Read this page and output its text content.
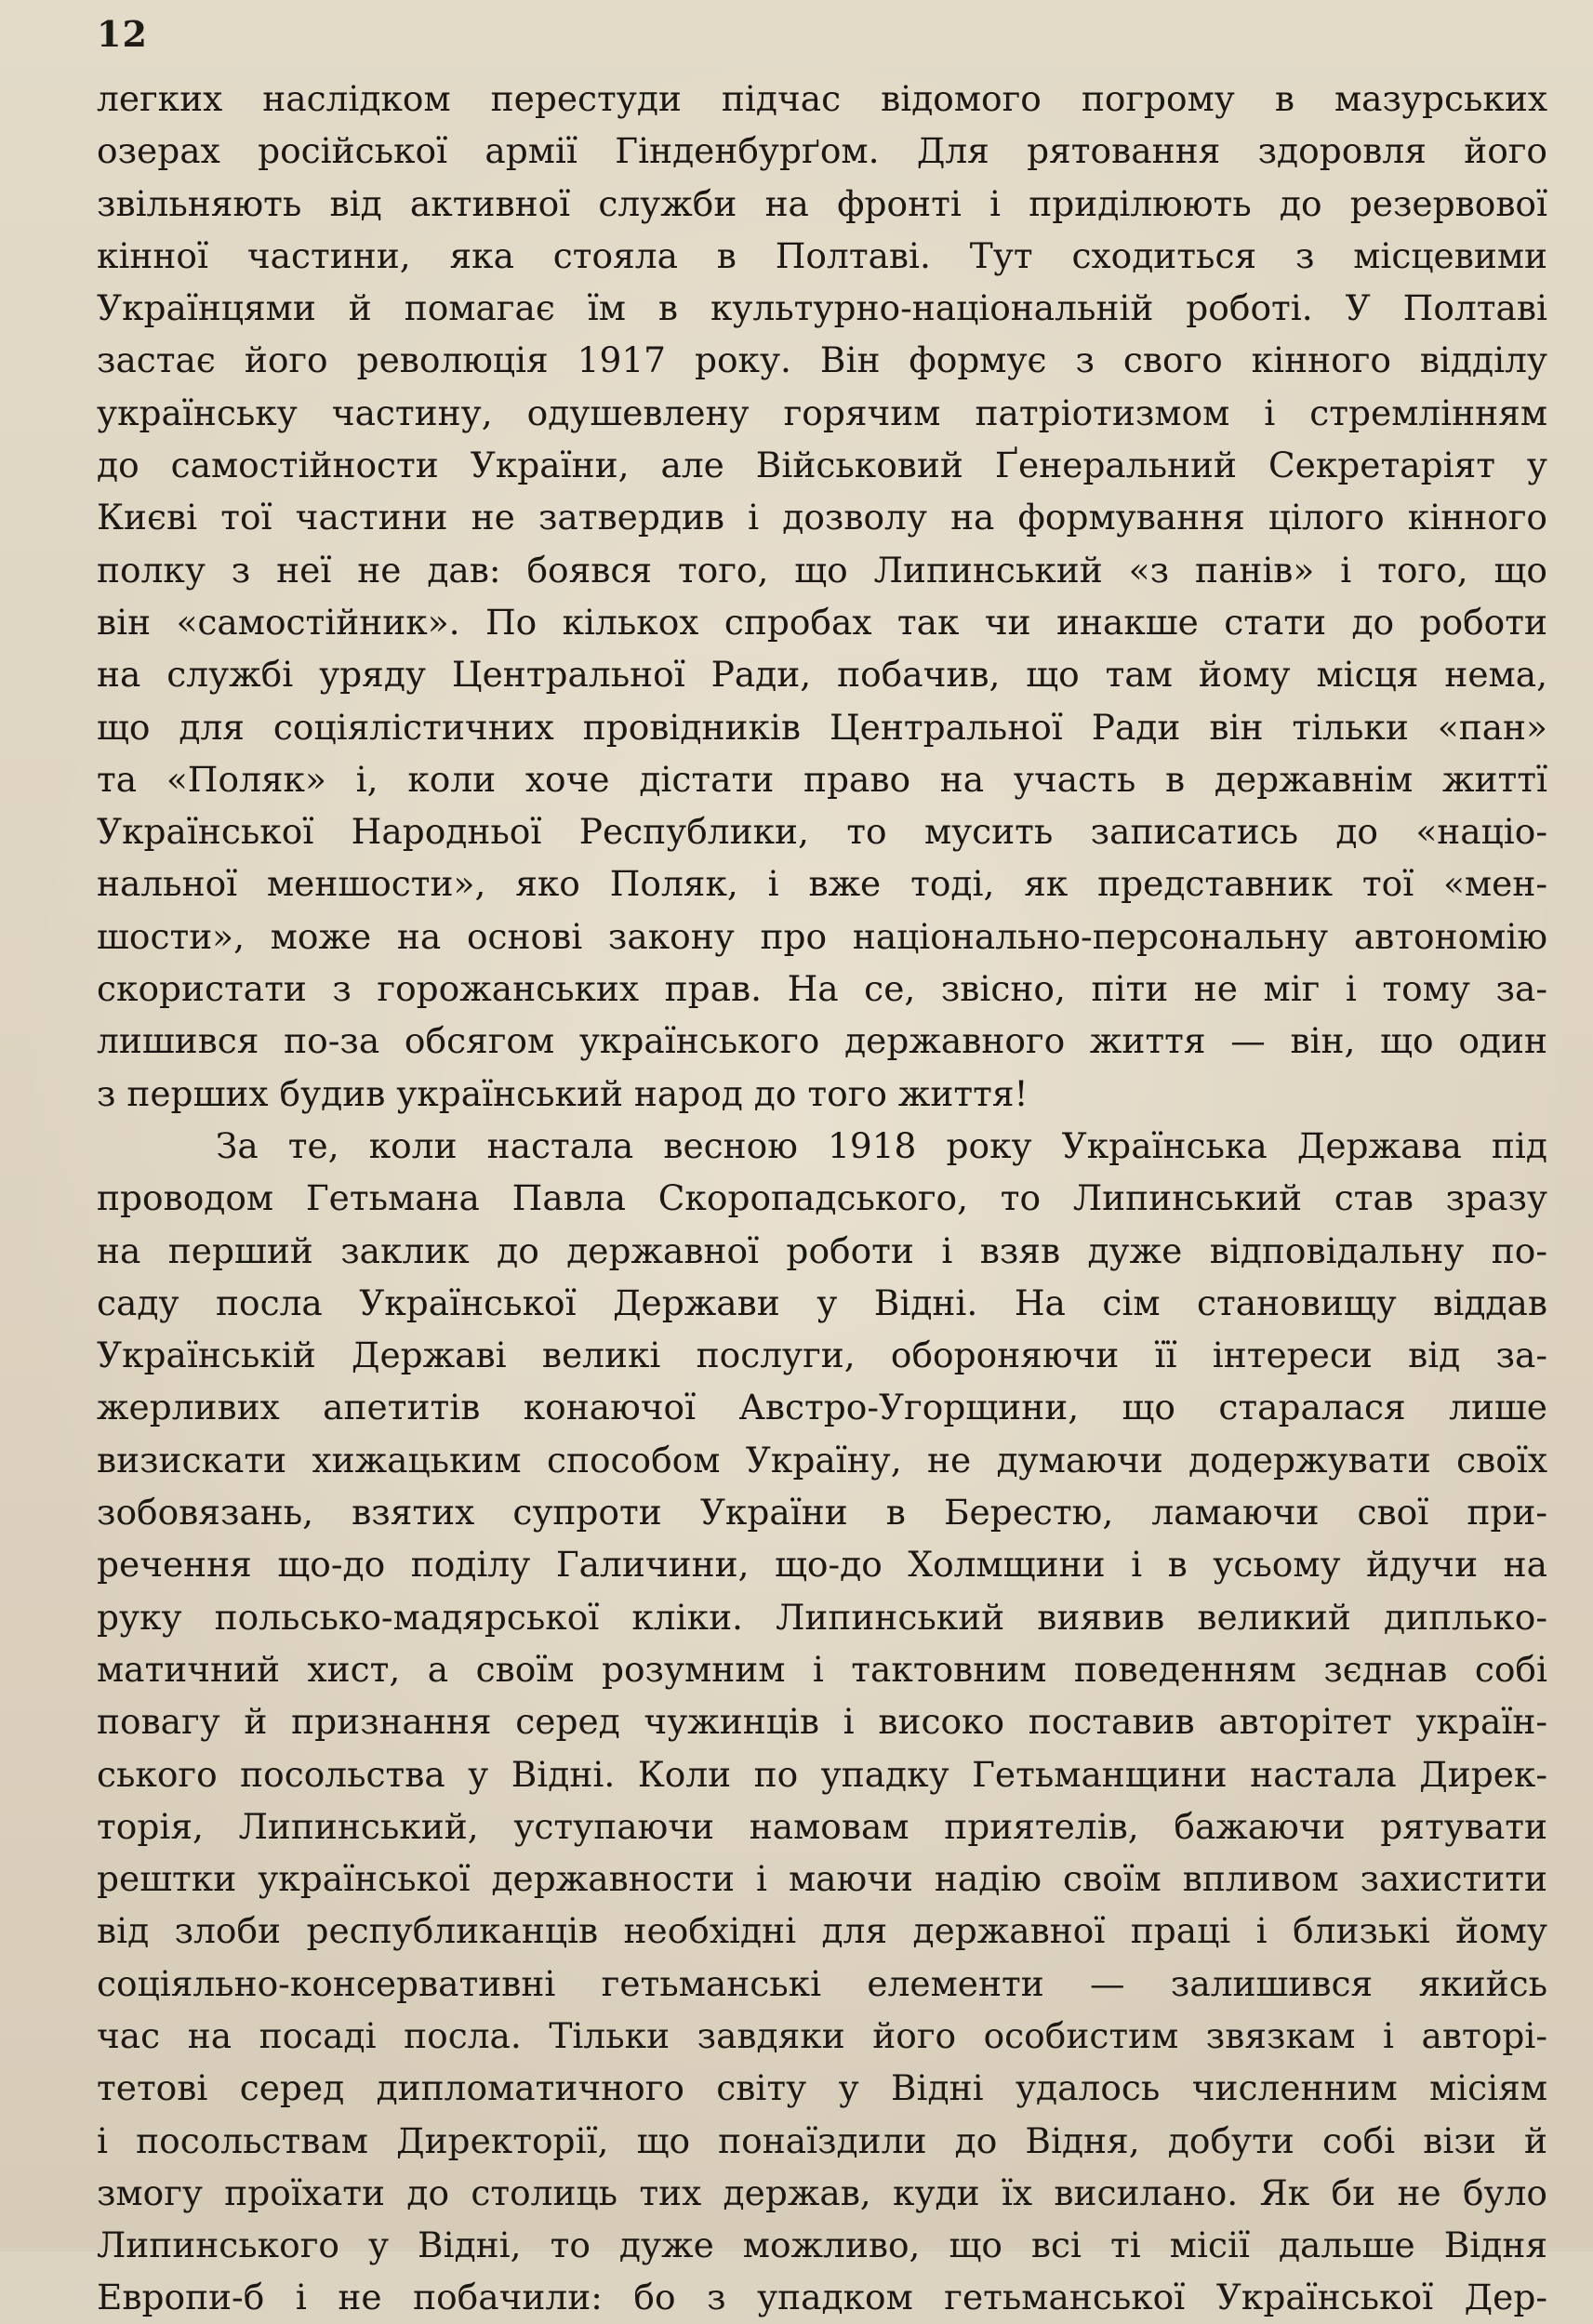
12
легких наслідком перестуди підчас відомого погрому в мазурських
озерах російської армії Гінденбурґом. Для рятовання здоровля його
звільняють від активної служби на фронті і приділюють до резервової
кінної частини, яка стояла в Полтаві. Тут сходиться з місцевими
Українцями й помагає їм в культурно-національній роботі. У Полтаві
застає його революція 1917 року. Він формує з свого кінного відділу
українську частину, одушевлену горячим патріотизмом і стремлінням
до самостійности України, але Військовий Ґенеральний Секретаріят у
Києві тої частини не затвердив і дозволу на формування цілого кінного
полку з неї не дав: боявся того, що Липинський «з панів» і того, що
він «самостійник». По кількох спробах так чи инакше стати до роботи
на службі уряду Центральної Ради, побачив, що там йому місця нема,
що для соціялістичних провідників Центральної Ради він тільки «пан»
та «Поляк» і, коли хоче дістати право на участь в державнім життї
Української Народньої Республики, то мусить записатись до «націо-
нальної меншости», яко Поляк, і вже тоді, як представник тої «мен-
шости», може на основі закону про національно-персональну автономію
скористати з горожанських прав. На се, звісно, піти не міг і тому за-
лишився по-за обсягом українського державного життя — він, що один
з перших будив український народ до того життя!
За те, коли настала весною 1918 року Українська Держава під
проводом Гетьмана Павла Скоропадського, то Липинський став зразу
на перший заклик до державної роботи і взяв дуже відповідальну по-
саду посла Української Держави у Відні. На сім становищу віддав
Українській Державі великі послуги, обороняючи її інтереси від за-
жерливих апетитів конаючої Австро-Угорщини, що старалася лише
визискати хижацьким способом Україну, не думаючи додержувати своїх
зобовязань, взятих супроти України в Берестю, ламаючи свої при-
речення що-до поділу Галичини, що-до Холмщини і в усьому йдучи на
руку польсько-мадярської кліки. Липинський виявив великий диплько-
матичний хист, а своїм розумним і тактовним поведенням зєднав собі
повагу й признання серед чужинців і високо поставив авторітет україн-
ського посольства у Відні. Коли по упадку Гетьманщини настала Дирек-
торія, Липинський, уступаючи намовам приятелів, бажаючи рятувати
рештки української державности і маючи надію своїм впливом захистити
від злоби республиканців необхідні для державної праці і близькі йому
соціяльно-консервативні гетьманські елементи — залишився якийсь
час на посаді посла. Тільки завдяки його особистим звязкам і авторі-
тетові серед дипломатичного світу у Відні удалось численним місіям
і посольствам Директорії, що понаїздили до Відня, добути собі візи й
змогу проїхати до столиць тих держав, куди їх висилано. Як би не було
Липинського у Відні, то дуже можливо, що всі ті місії дальше Відня
Европи-б і не побачили: бо з упадком гетьманської Української Дер-
